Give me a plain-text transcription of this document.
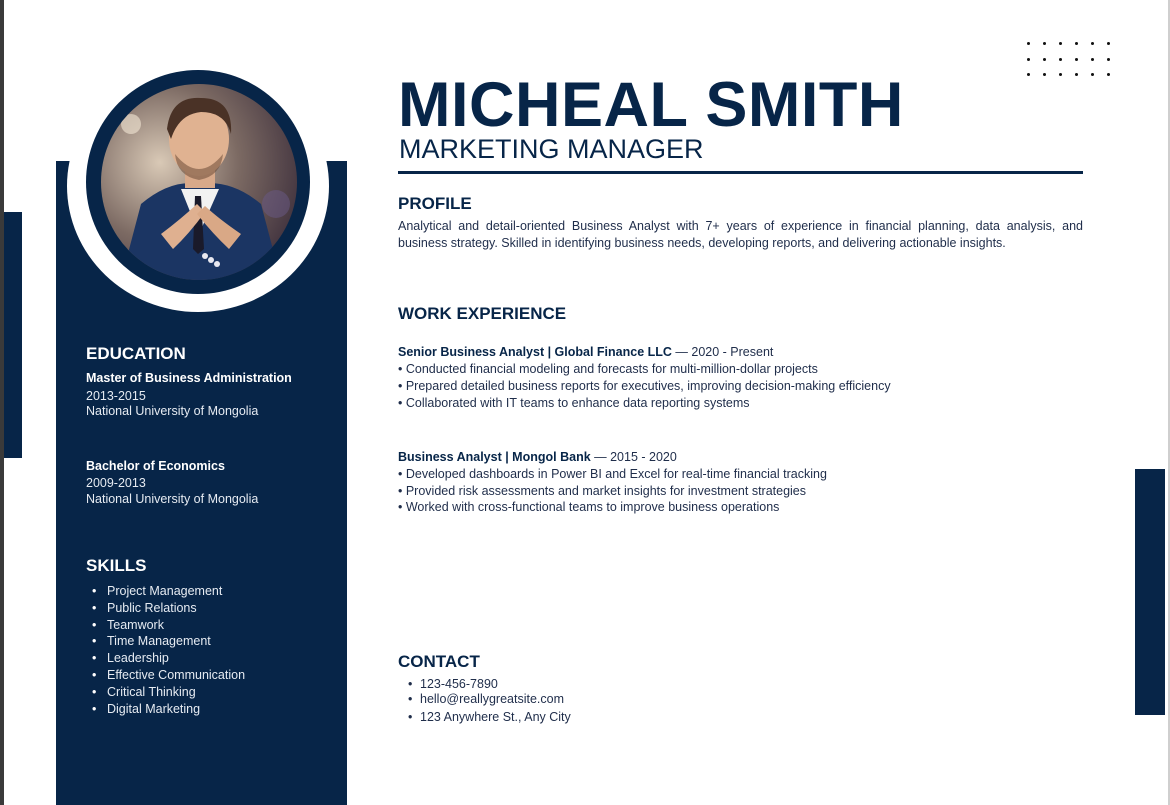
EDUCATION
Master of Business Administration
2013-2015
National University of Mongolia
Bachelor of Economics
2009-2013
National University of Mongolia
SKILLS
• Project Management
• Public Relations
• Teamwork
• Time Management
• Leadership
• Effective Communication
• Critical Thinking
• Digital Marketing
MICHEAL SMITH
MARKETING MANAGER
PROFILE

Analytical and detail-oriented Business Analyst with 7+ years of experience in financial planning, data analysis, and business strategy. Skilled in identifying business needs, developing reports, and delivering actionable insights.

WORK EXPERIENCE
Senior Business Analyst | Global Finance LLC — 2020 - Present
• Conducted financial modeling and forecasts for multi-million-dollar projects
• Prepared detailed business reports for executives, improving decision-making efficiency
• Collaborated with IT teams to enhance data reporting systems
Business Analyst | Mongol Bank — 2015 - 2020
• Developed dashboards in Power BI and Excel for real-time financial tracking
• Provided risk assessments and market insights for investment strategies
• Worked with cross-functional teams to improve business operations
CONTACT
• 123-456-7890
• hello@reallygreatsite.com
• 123 Anywhere St., Any City
